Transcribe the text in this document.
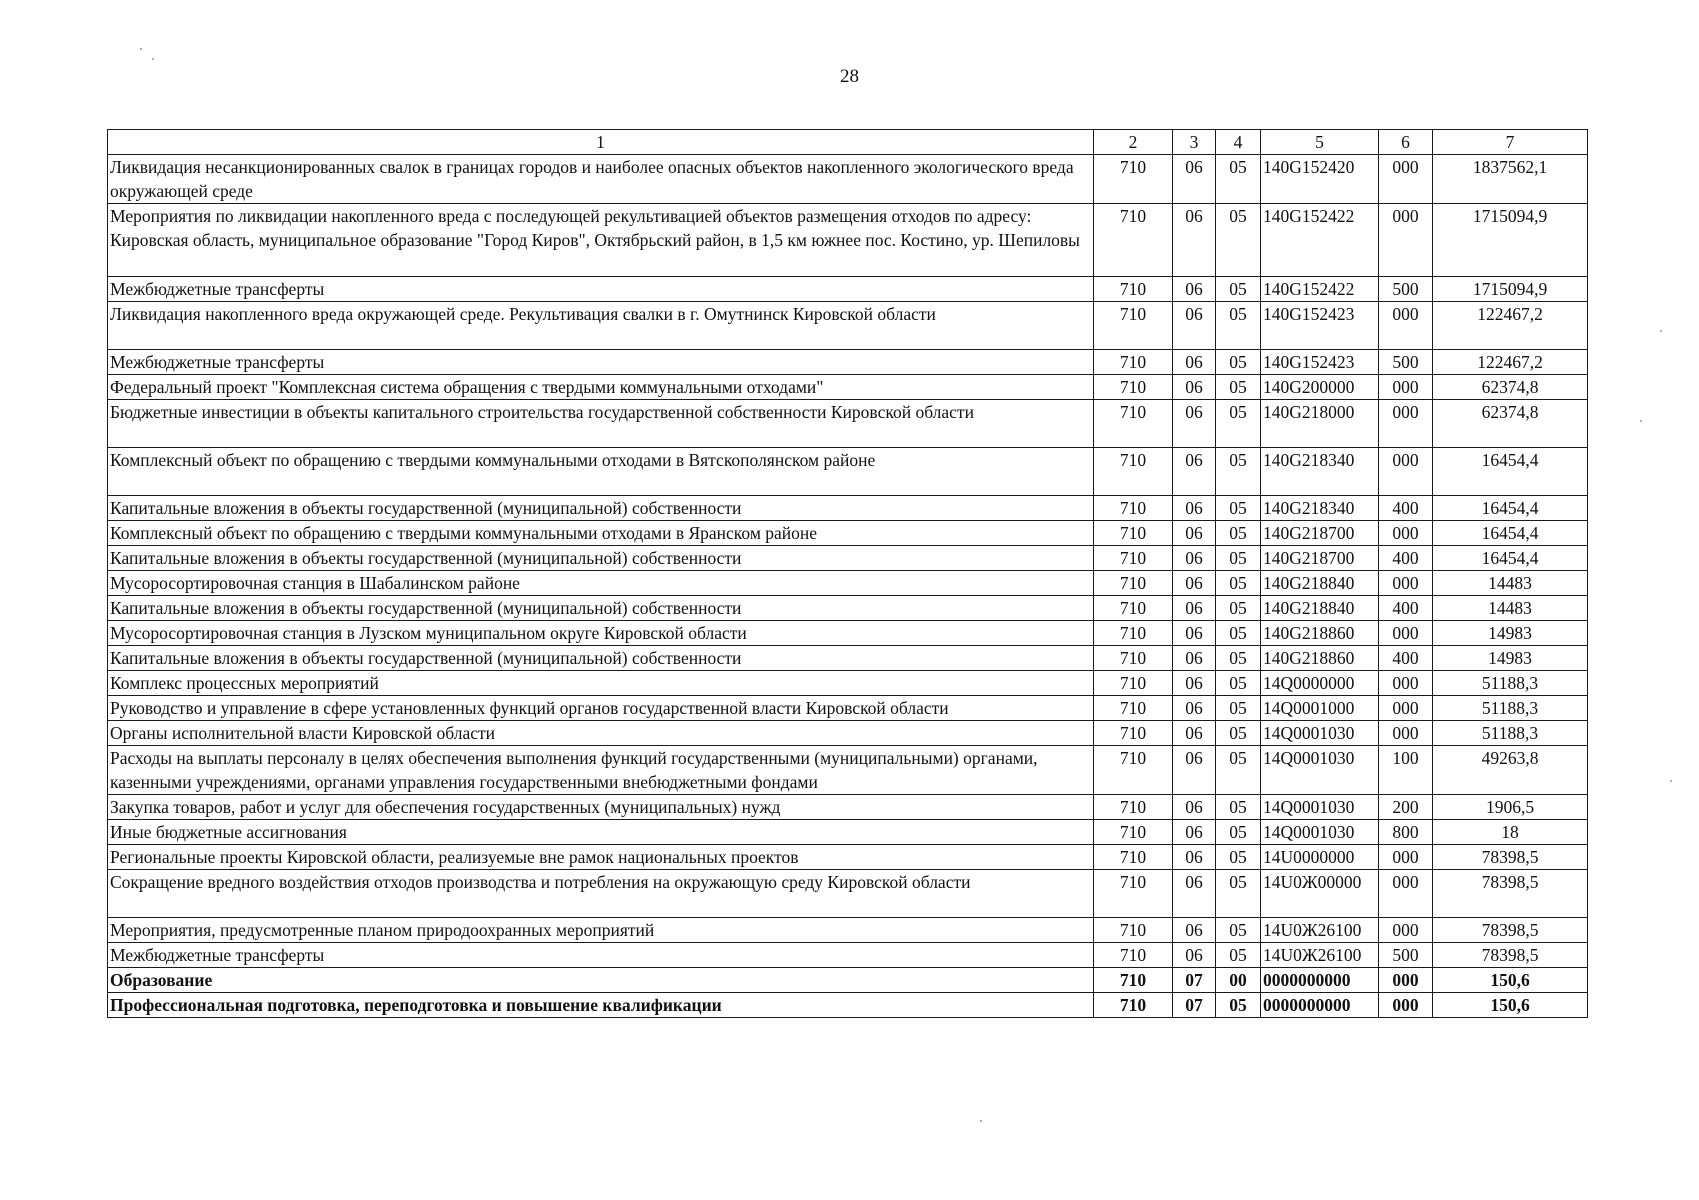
28
1	2	3	4	5	6	7
Ликвидация несанкционированных свалок в границах городов и наиболее опасных объектов накопленного экологического вреда окружающей среде	710	06	05	140G152420	000	1837562,1
Мероприятия по ликвидации накопленного вреда с последующей рекультивацией объектов размещения отходов по адресу: Кировская область, муниципальное образование "Город Киров", Октябрьский район, в 1,5 км южнее пос. Костино, ур. Шепиловы	710	06	05	140G152422	000	1715094,9
Межбюджетные трансферты	710	06	05	140G152422	500	1715094,9
Ликвидация накопленного вреда окружающей среде. Рекультивация свалки в г. Омутнинск Кировской области	710	06	05	140G152423	000	122467,2
Межбюджетные трансферты	710	06	05	140G152423	500	122467,2
Федеральный проект "Комплексная система обращения с твердыми коммунальными отходами"	710	06	05	140G200000	000	62374,8
Бюджетные инвестиции в объекты капитального строительства государственной собственности Кировской области	710	06	05	140G218000	000	62374,8
Комплексный объект по обращению с твердыми коммунальными отходами в Вятскополянском районе	710	06	05	140G218340	000	16454,4
Капитальные вложения в объекты государственной (муниципальной) собственности	710	06	05	140G218340	400	16454,4
Комплексный объект по обращению с твердыми коммунальными отходами в Яранском районе	710	06	05	140G218700	000	16454,4
Капитальные вложения в объекты государственной (муниципальной) собственности	710	06	05	140G218700	400	16454,4
Мусоросортировочная станция в Шабалинском районе	710	06	05	140G218840	000	14483
Капитальные вложения в объекты государственной (муниципальной) собственности	710	06	05	140G218840	400	14483
Мусоросортировочная станция в Лузском муниципальном округе Кировской области	710	06	05	140G218860	000	14983
Капитальные вложения в объекты государственной (муниципальной) собственности	710	06	05	140G218860	400	14983
Комплекс процессных мероприятий	710	06	05	14Q0000000	000	51188,3
Руководство и управление в сфере установленных функций органов государственной власти Кировской области	710	06	05	14Q0001000	000	51188,3
Органы исполнительной власти Кировской области	710	06	05	14Q0001030	000	51188,3
Расходы на выплаты персоналу в целях обеспечения выполнения функций государственными (муниципальными) органами, казенными учреждениями, органами управления государственными внебюджетными фондами	710	06	05	14Q0001030	100	49263,8
Закупка товаров, работ и услуг для обеспечения государственных (муниципальных) нужд	710	06	05	14Q0001030	200	1906,5
Иные бюджетные ассигнования	710	06	05	14Q0001030	800	18
Региональные проекты Кировской области, реализуемые вне рамок национальных проектов	710	06	05	14U0000000	000	78398,5
Сокращение вредного воздействия отходов производства и потребления на окружающую среду Кировской области	710	06	05	14U0Ж00000	000	78398,5
Мероприятия, предусмотренные планом природоохранных мероприятий	710	06	05	14U0Ж26100	000	78398,5
Межбюджетные трансферты	710	06	05	14U0Ж26100	500	78398,5
Образование	710	07	00	0000000000	000	150,6
Профессиональная подготовка, переподготовка и повышение квалификации	710	07	05	0000000000	000	150,6
